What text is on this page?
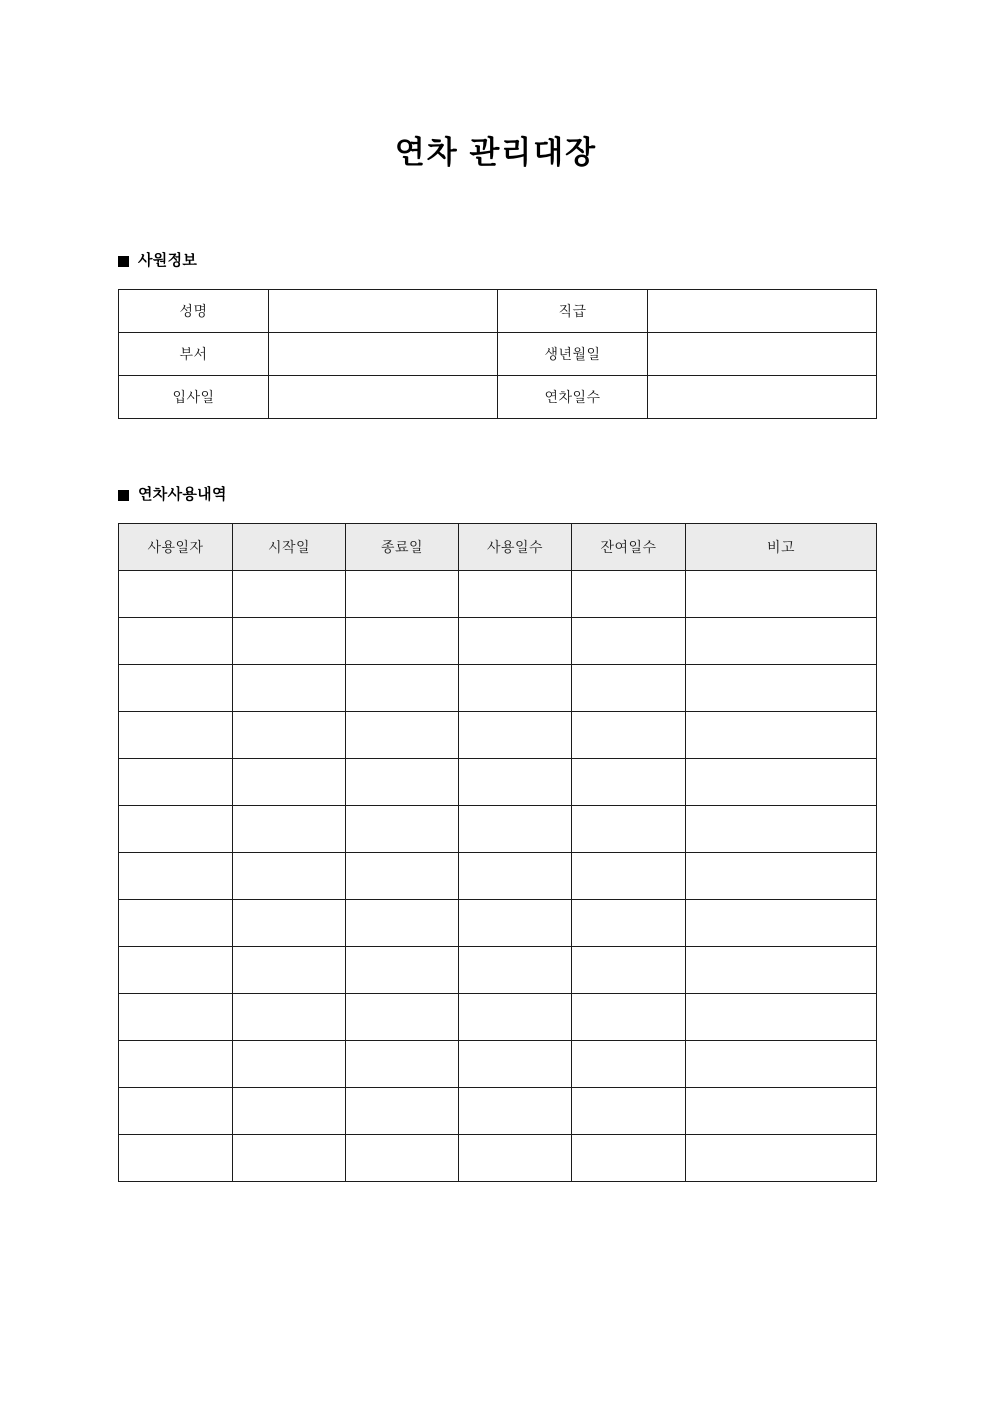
연차 관리대장
사원정보
성명		직급	
부서		생년월일	
입사일		연차일수	
연차사용내역
사용일자	시작일	종료일	사용일수	잔여일수	비고
